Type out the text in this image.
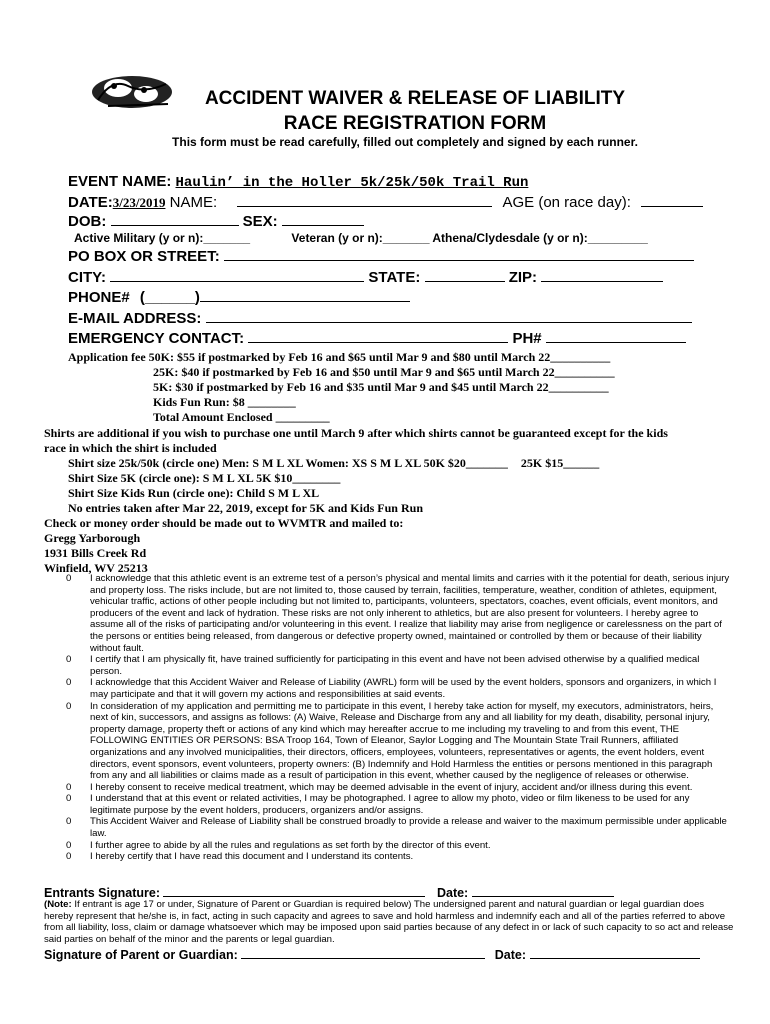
ACCIDENT WAIVER & RELEASE OF LIABILITY
RACE REGISTRATION FORM
This form must be read carefully, filled out completely and signed by each runner.
EVENT NAME: Haulin’ in the Holler 5k/25k/50k Trail Run
DATE:3/23/2019 NAME:	AGE (on race day):
DOB:	SEX:
Active Military (y or n):_______	Veteran (y or n):_______ Athena/Clydesdale (y or n):_________
PO BOX OR STREET:
CITY:	STATE:	ZIP:
PHONE# (______)
E-MAIL ADDRESS:
EMERGENCY CONTACT:	PH#
Application fee 50K: $55 if postmarked by Feb 16 and $65 until Mar 9 and $80 until March 22__________
25K: $40 if postmarked by Feb 16 and $50 until Mar 9 and $65 until March 22__________
5K: $30 if postmarked by Feb 16 and $35 until Mar 9 and $45 until March 22__________
Kids Fun Run: $8 ________
Total Amount Enclosed _________
Shirts are additional if you wish to purchase one until March 9 after which shirts cannot be guaranteed except for the kids
race in which the shirt is included
Shirt size 25k/50k (circle one) Men: S M L XL Women: XS S M L XL 50K $20_______ 25K $15______
Shirt Size 5K (circle one): S M L XL 5K $10________
Shirt Size Kids Run (circle one): Child S M L XL
No entries taken after Mar 22, 2019, except for 5K and Kids Fun Run
Check or money order should be made out to WVMTR and mailed to:
Gregg Yarborough
1931 Bills Creek Rd
Winfield, WV 25213
0 I acknowledge that this athletic event is an extreme test of a person’s physical and mental limits and carries with it the potential for death, serious injury and property loss. The risks include, but are not limited to, those caused by terrain, facilities, temperature, weather, condition of athletes, equipment, vehicular traffic, actions of other people including but not limited to, participants, volunteers, spectators, coaches, event officials, event monitors, and producers of the event and lack of hydration. These risks are not only inherent to athletics, but are also present for volunteers. I hereby agree to assume all of the risks of participating and/or volunteering in this event. I realize that liability may arise from negligence or carelessness on the part of the persons or entities being released, from dangerous or defective property owned, maintained or controlled by them or because of their liability without fault.
0 I certify that I am physically fit, have trained sufficiently for participating in this event and have not been advised otherwise by a qualified medical person.
0 I acknowledge that this Accident Waiver and Release of Liability (AWRL) form will be used by the event holders, sponsors and organizers, in which I may participate and that it will govern my actions and responsibilities at said events.
0 In consideration of my application and permitting me to participate in this event, I hereby take action for myself, my executors, administrators, heirs, next of kin, successors, and assigns as follows: (A) Waive, Release and Discharge from any and all liability for my death, disability, personal injury, property damage, property theft or actions of any kind which may hereafter accrue to me including my traveling to and from this event, THE FOLLOWING ENTITIES OR PERSONS: BSA Troop 164, Town of Eleanor, Saylor Logging and The Mountain State Trail Runners, affiliated organizations and any involved municipalities, their directors, officers, employees, volunteers, representatives or agents, the event holders, event directors, event sponsors, event volunteers, property owners: (B) Indemnify and Hold Harmless the entities or persons mentioned in this paragraph from any and all liabilities or claims made as a result of participation in this event, whether caused by the negligence of releases or otherwise.
0 I hereby consent to receive medical treatment, which may be deemed advisable in the event of injury, accident and/or illness during this event.
0 I understand that at this event or related activities, I may be photographed. I agree to allow my photo, video or film likeness to be used for any legitimate purpose by the event holders, producers, organizers and/or assigns.
0 This Accident Waiver and Release of Liability shall be construed broadly to provide a release and waiver to the maximum permissible under applicable law.
0 I further agree to abide by all the rules and regulations as set forth by the director of this event.
0 I hereby certify that I have read this document and I understand its contents.
Entrants Signature:	Date:
(Note: If entrant is age 17 or under, Signature of Parent or Guardian is required below) The undersigned parent and natural guardian or legal guardian does hereby represent that he/she is, in fact, acting in such capacity and agrees to save and hold harmless and indemnify each and all of the parties referred to above from all liability, loss, claim or damage whatsoever which may be imposed upon said parties because of any defect in or lack of such capacity to so act and release said parties on behalf of the minor and the parents or legal guardian.
Signature of Parent or Guardian:	Date:
